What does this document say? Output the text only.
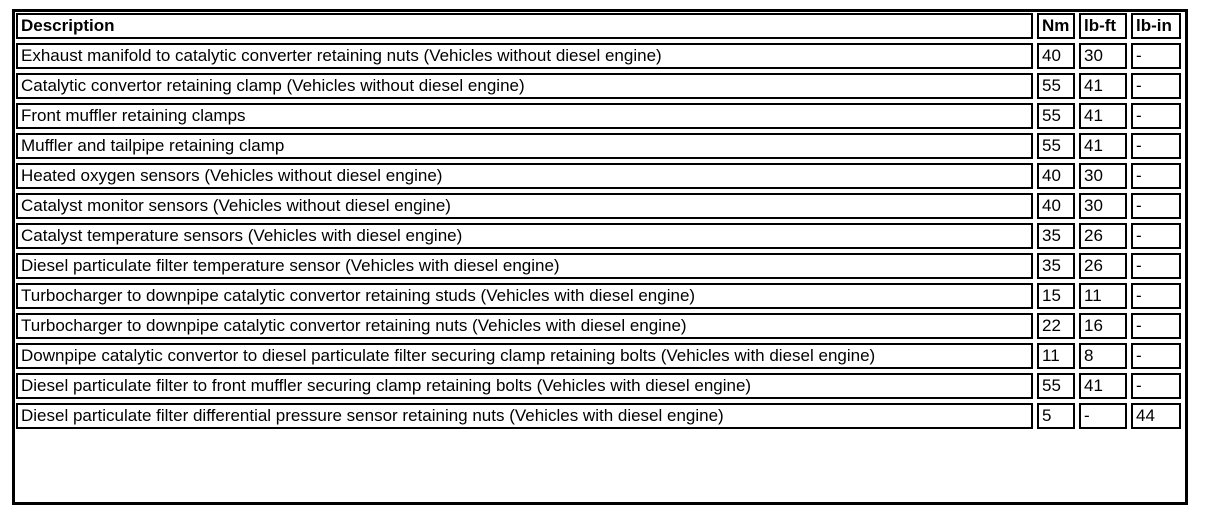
Description	Nm	lb-ft	lb-in
Exhaust manifold to catalytic converter retaining nuts (Vehicles without diesel engine)	40	30	-
Catalytic convertor retaining clamp (Vehicles without diesel engine)	55	41	-
Front muffler retaining clamps	55	41	-
Muffler and tailpipe retaining clamp	55	41	-
Heated oxygen sensors (Vehicles without diesel engine)	40	30	-
Catalyst monitor sensors (Vehicles without diesel engine)	40	30	-
Catalyst temperature sensors (Vehicles with diesel engine)	35	26	-
Diesel particulate filter temperature sensor (Vehicles with diesel engine)	35	26	-
Turbocharger to downpipe catalytic convertor retaining studs (Vehicles with diesel engine)	15	11	-
Turbocharger to downpipe catalytic convertor retaining nuts (Vehicles with diesel engine)	22	16	-
Downpipe catalytic convertor to diesel particulate filter securing clamp retaining bolts (Vehicles with diesel engine)	11	8	-
Diesel particulate filter to front muffler securing clamp retaining bolts (Vehicles with diesel engine)	55	41	-
Diesel particulate filter differential pressure sensor retaining nuts (Vehicles with diesel engine)	5	-	44
